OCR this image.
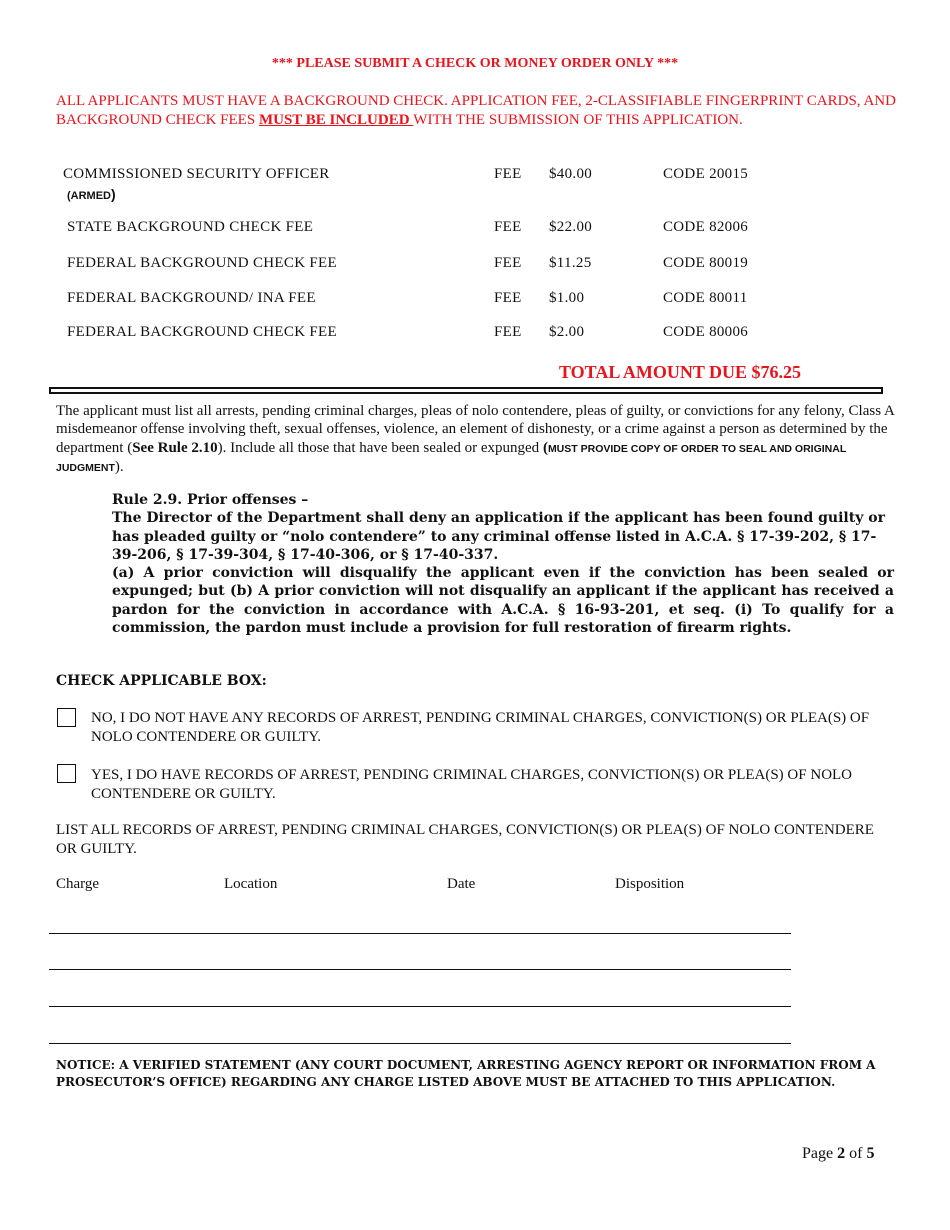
*** PLEASE SUBMIT A CHECK OR MONEY ORDER ONLY ***
ALL APPLICANTS MUST HAVE A BACKGROUND CHECK. APPLICATION FEE, 2-CLASSIFIABLE FINGERPRINT CARDS, AND BACKGROUND CHECK FEES MUST BE INCLUDED WITH THE SUBMISSION OF THIS APPLICATION.
COMMISSIONED SECURITY OFFICER	FEE $40.00	CODE 20015
(ARMED)
STATE BACKGROUND CHECK FEE	FEE $22.00	CODE 82006
FEDERAL BACKGROUND CHECK FEE	FEE $11.25	CODE 80019
FEDERAL BACKGROUND/ INA FEE	FEE $1.00	CODE 80011
FEDERAL BACKGROUND CHECK FEE	FEE $2.00	CODE 80006
TOTAL AMOUNT DUE $76.25
The applicant must list all arrests, pending criminal charges, pleas of nolo contendere, pleas of guilty, or convictions for any felony, Class A misdemeanor offense involving theft, sexual offenses, violence, an element of dishonesty, or a crime against a person as determined by the department (See Rule 2.10). Include all those that have been sealed or expunged (MUST PROVIDE COPY OF ORDER TO SEAL AND ORIGINAL JUDGMENT).
Rule 2.9. Prior offenses –
The Director of the Department shall deny an application if the applicant has been found guilty or has pleaded guilty or “nolo contendere” to any criminal offense listed in A.C.A. § 17-39-202, § 17-39-206, § 17-39-304, § 17-40-306, or § 17-40-337.
(a) A prior conviction will disqualify the applicant even if the conviction has been sealed or expunged; but (b) A prior conviction will not disqualify an applicant if the applicant has received a pardon for the conviction in accordance with A.C.A. § 16-93-201, et seq. (i) To qualify for a commission, the pardon must include a provision for full restoration of firearm rights.
CHECK APPLICABLE BOX:
NO, I DO NOT HAVE ANY RECORDS OF ARREST, PENDING CRIMINAL CHARGES, CONVICTION(S) OR PLEA(S) OF NOLO CONTENDERE OR GUILTY.
YES, I DO HAVE RECORDS OF ARREST, PENDING CRIMINAL CHARGES, CONVICTION(S) OR PLEA(S) OF NOLO CONTENDERE OR GUILTY.
LIST ALL RECORDS OF ARREST, PENDING CRIMINAL CHARGES, CONVICTION(S) OR PLEA(S) OF NOLO CONTENDERE OR GUILTY.
Charge	Location	Date	Disposition
NOTICE: A VERIFIED STATEMENT (ANY COURT DOCUMENT, ARRESTING AGENCY REPORT OR INFORMATION FROM A PROSECUTOR’S OFFICE) REGARDING ANY CHARGE LISTED ABOVE MUST BE ATTACHED TO THIS APPLICATION.
Page 2 of 5
